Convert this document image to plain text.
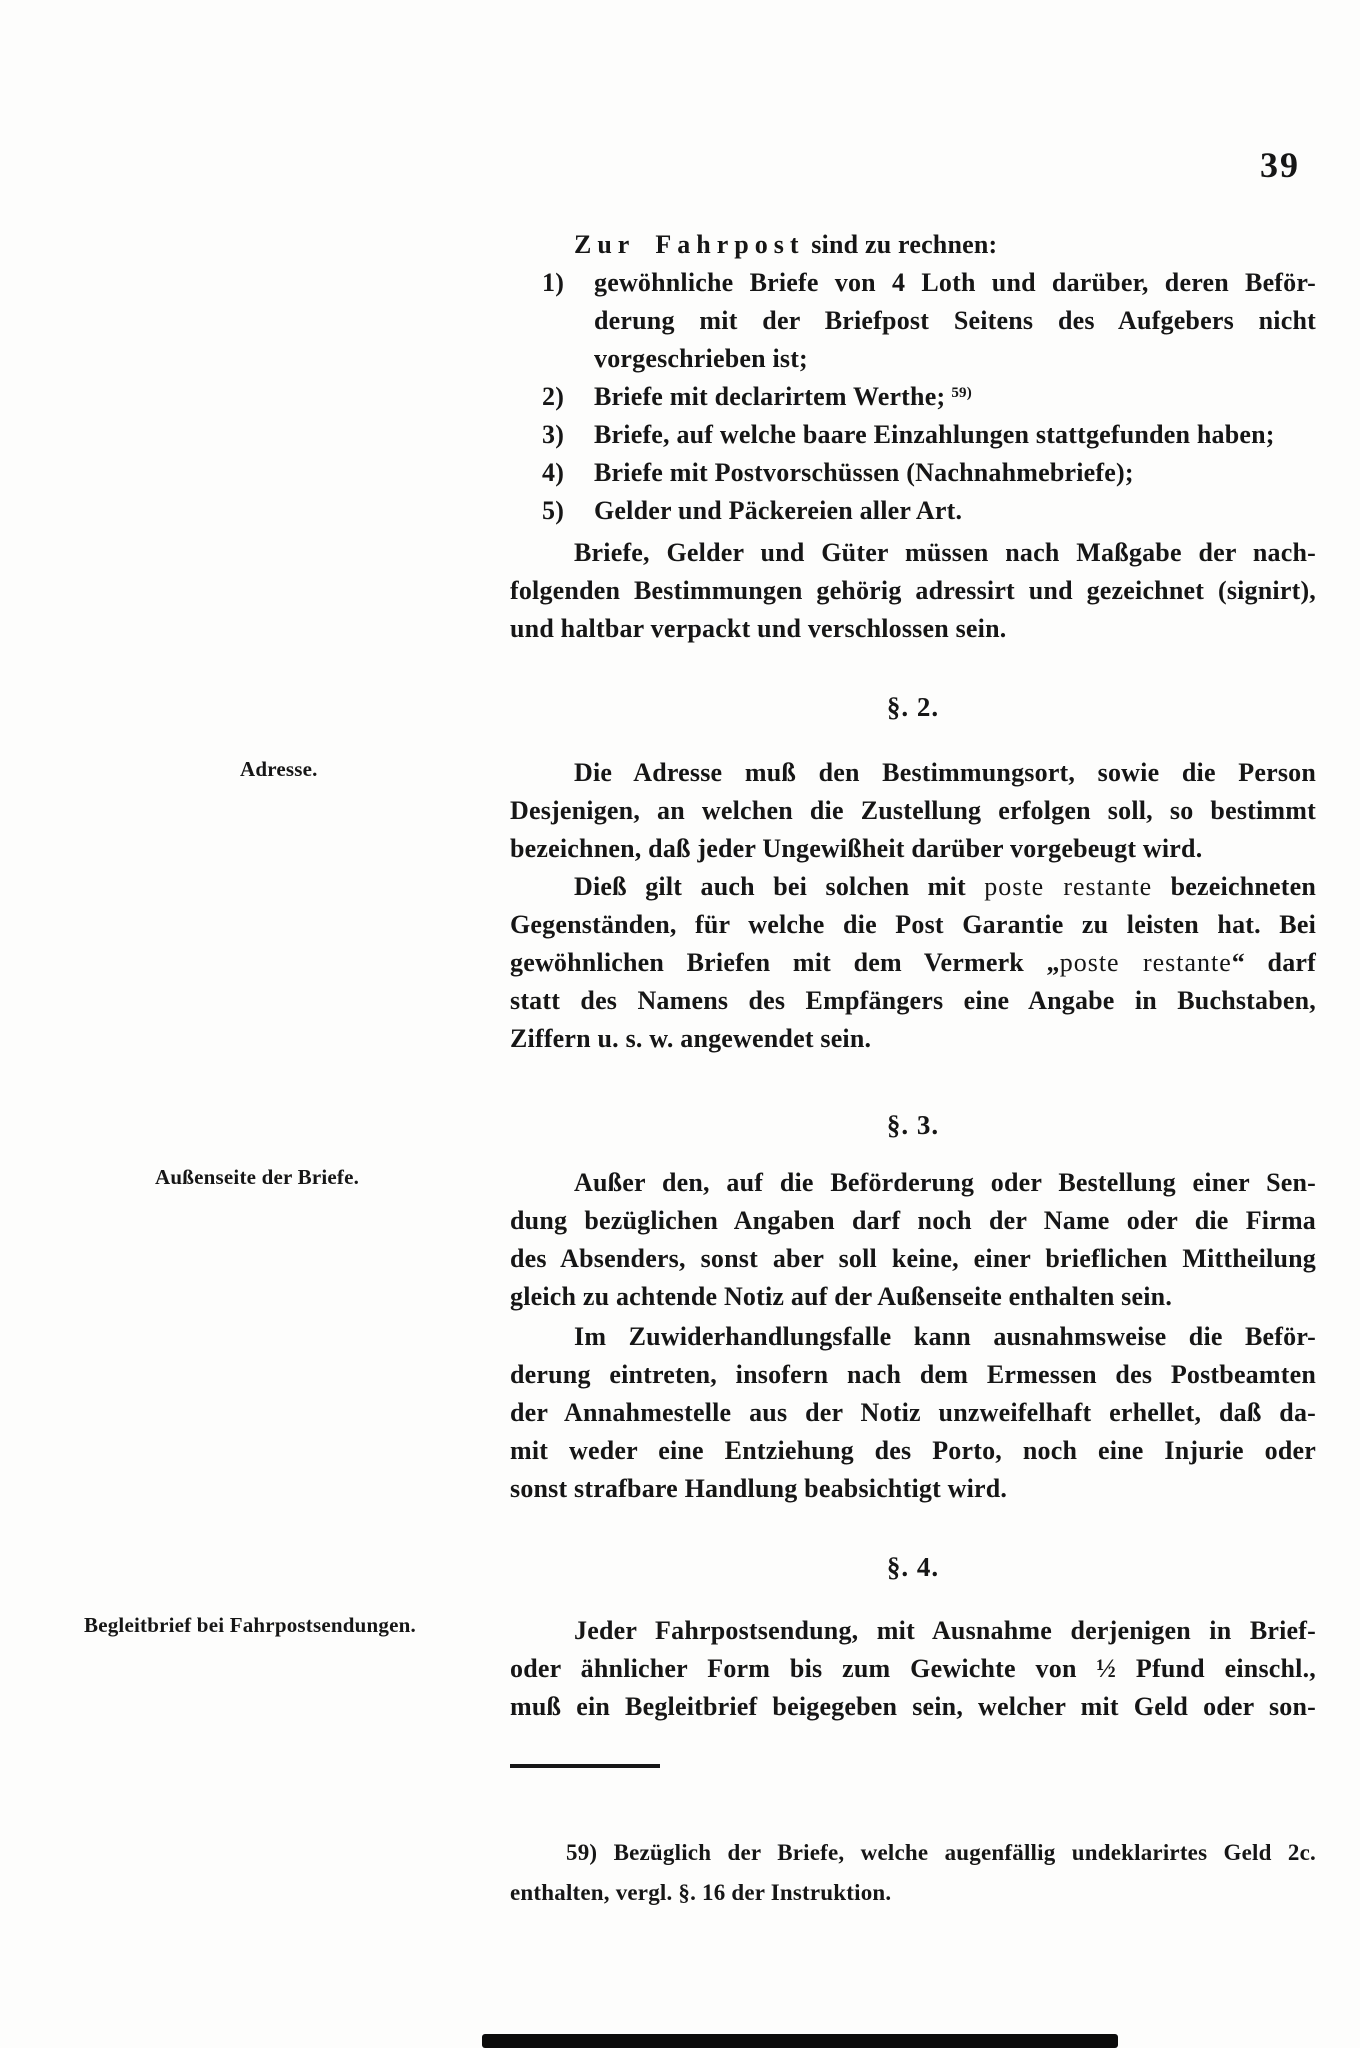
39
Adresse.
Außenseite der Briefe.
Begleitbrief bei Fahrpostsendungen.
Zur Fahrpost sind zu rechnen:
1) gewöhnliche Briefe von 4 Loth und darüber, deren Beför-
derung mit der Briefpost Seitens des Aufgebers nicht
vorgeschrieben ist;
2) Briefe mit declarirtem Werthe; $^{59)}$
3) Briefe, auf welche baare Einzahlungen stattgefunden haben;
4) Briefe mit Postvorschüssen (Nachnahmebriefe);
5) Gelder und Päckereien aller Art.
Briefe, Gelder und Güter müssen nach Maßgabe der nach-
folgenden Bestimmungen gehörig adressirt und gezeichnet (signirt),
und haltbar verpackt und verschlossen sein.
§. 2.
Die Adresse muß den Bestimmungsort, sowie die Person
Desjenigen, an welchen die Zustellung erfolgen soll, so bestimmt
bezeichnen, daß jeder Ungewißheit darüber vorgebeugt wird.
Dieß gilt auch bei solchen mit poste restante bezeichneten
Gegenständen, für welche die Post Garantie zu leisten hat. Bei
gewöhnlichen Briefen mit dem Vermerk „poste restante“ darf
statt des Namens des Empfängers eine Angabe in Buchstaben,
Ziffern u. s. w. angewendet sein.
§. 3.
Außer den, auf die Beförderung oder Bestellung einer Sen-
dung bezüglichen Angaben darf noch der Name oder die Firma
des Absenders, sonst aber soll keine, einer brieflichen Mittheilung
gleich zu achtende Notiz auf der Außenseite enthalten sein.
Im Zuwiderhandlungsfalle kann ausnahmsweise die Beför-
derung eintreten, insofern nach dem Ermessen des Postbeamten
der Annahmestelle aus der Notiz unzweifelhaft erhellet, daß da-
mit weder eine Entziehung des Porto, noch eine Injurie oder
sonst strafbare Handlung beabsichtigt wird.
§. 4.
Jeder Fahrpostsendung, mit Ausnahme derjenigen in Brief-
oder ähnlicher Form bis zum Gewichte von ½ Pfund einschl.,
muß ein Begleitbrief beigegeben sein, welcher mit Geld oder son-
59) Bezüglich der Briefe, welche augenfällig undeklarirtes Geld 2c.
enthalten, vergl. §. 16 der Instruktion.
